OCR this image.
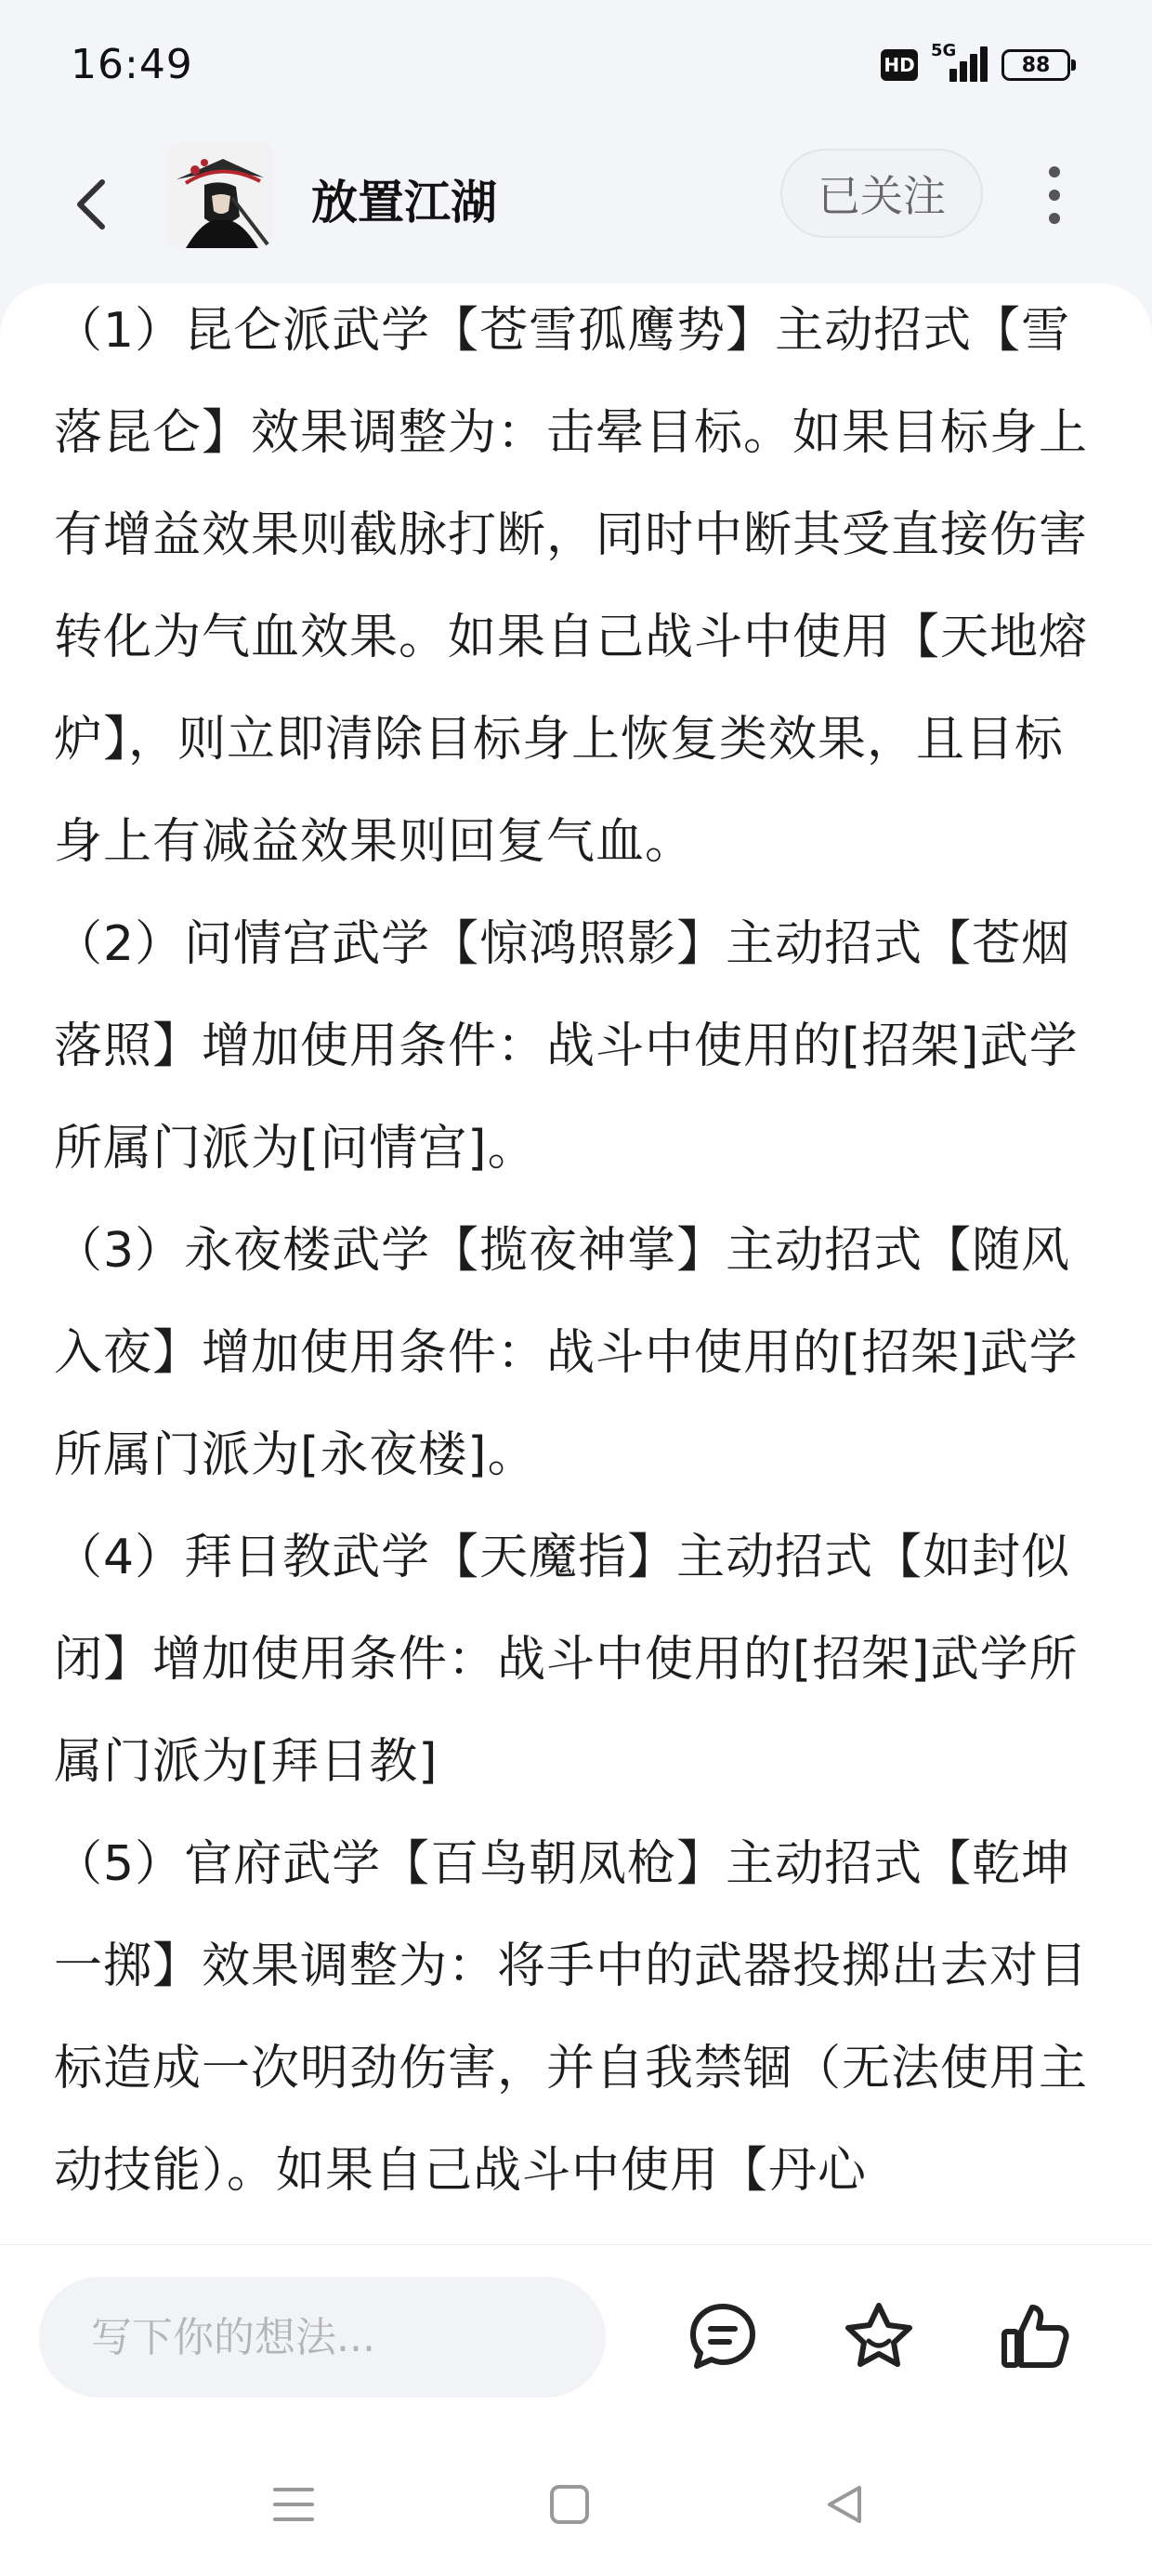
16:49	HD
5G
88
放置江湖	已关注

（1）昆仑派武学【苍雪孤鹰势】主动招式【雪落昆仑】效果调整为：击晕目标。如果目标身上有增益效果则截脉打断，同时中断其受直接伤害转化为气血效果。如果自己战斗中使用【天地熔炉】，则立即清除目标身上恢复类效果，且目标身上有减益效果则回复气血。

（2）问情宫武学【惊鸿照影】主动招式【苍烟落照】增加使用条件：战斗中使用的[招架]武学所属门派为[问情宫]。

（3）永夜楼武学【揽夜神掌】主动招式【随风入夜】增加使用条件：战斗中使用的[招架]武学所属门派为[永夜楼]。

（4）拜日教武学【天魔指】主动招式【如封似闭】增加使用条件：战斗中使用的[招架]武学所属门派为[拜日教]

（5）官府武学【百鸟朝凤枪】主动招式【乾坤一掷】效果调整为：将手中的武器投掷出去对目标造成一次明劲伤害，并自我禁锢（无法使用主动技能）。如果自己战斗中使用【丹心

写下你的想法...
